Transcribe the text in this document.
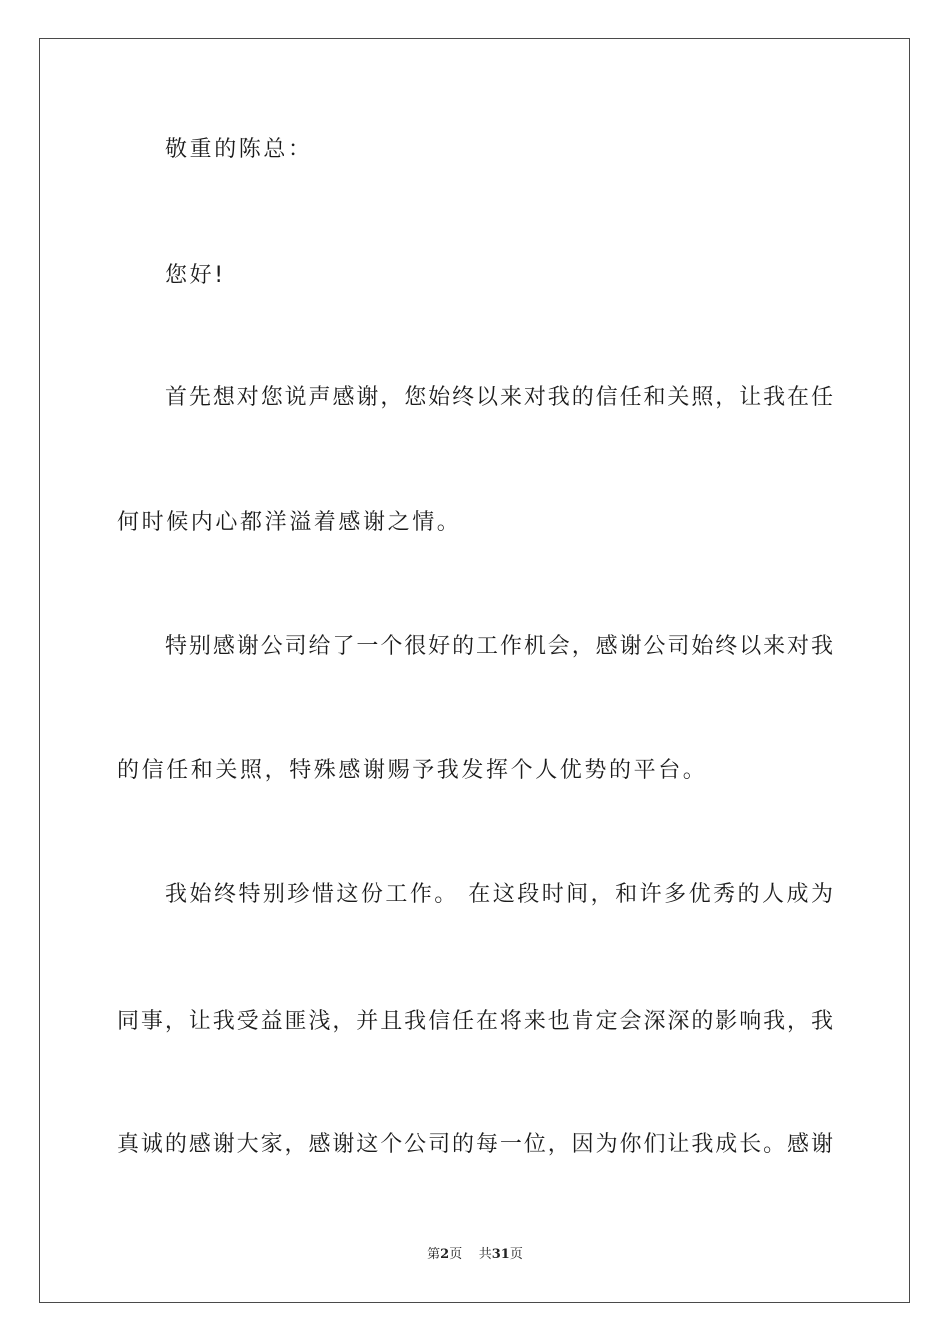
敬重的陈总：
您好!
首先想对您说声感谢，您始终以来对我的信任和关照，让我在任
何时候内心都洋溢着感谢之情。
特别感谢公司给了一个很好的工作机会，感谢公司始终以来对我
的信任和关照，特殊感谢赐予我发挥个人优势的平台。
我始终特别珍惜这份工作。 在这段时间，和许多优秀的人成为
同事，让我受益匪浅，并且我信任在将来也肯定会深深的影响我，我
真诚的感谢大家，感谢这个公司的每一位，因为你们让我成长。感谢
第2页 共31页
